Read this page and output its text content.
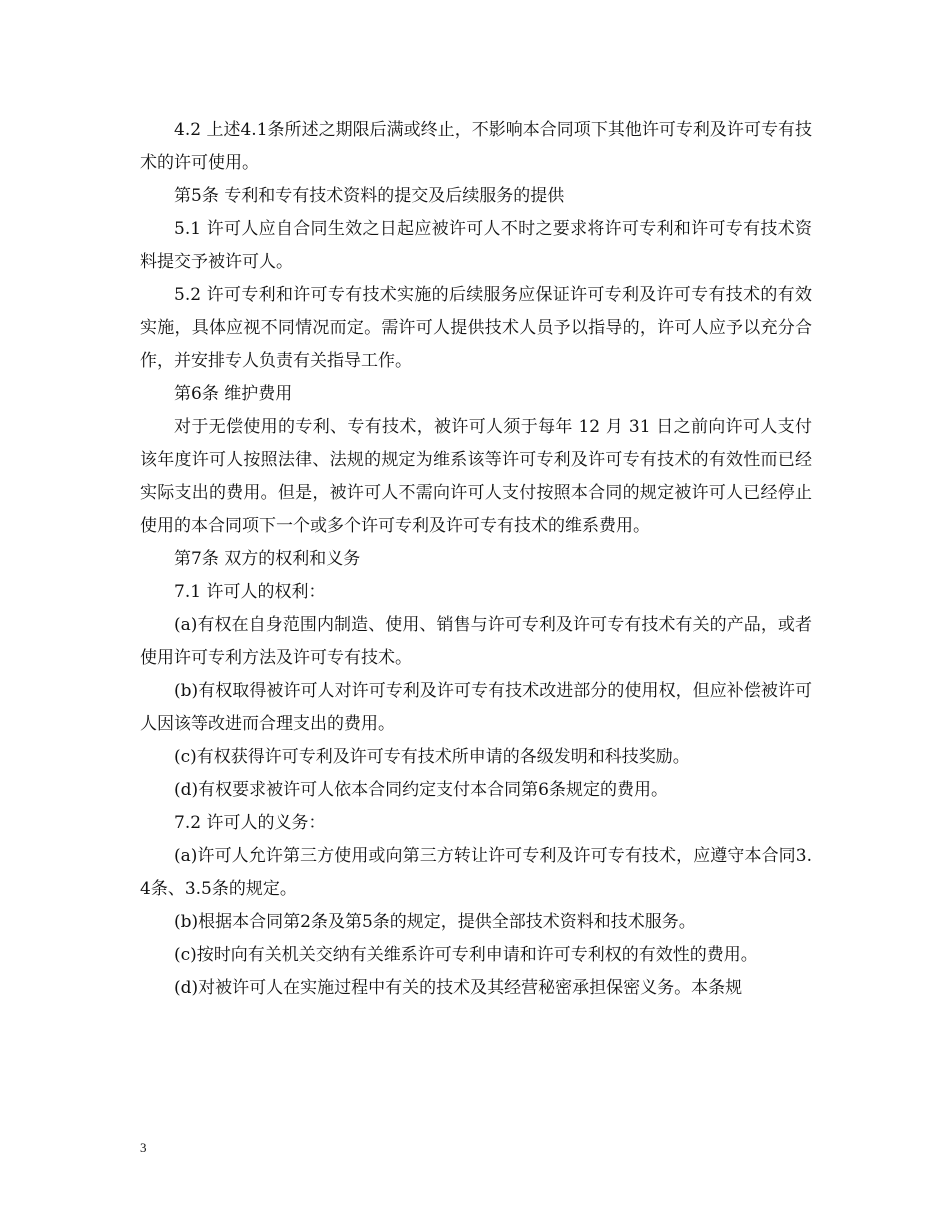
4.2 上述4.1条所述之期限后满或终止，不影响本合同项下其他许可专利及许可专有技术的许可使用。

第5条 专利和专有技术资料的提交及后续服务的提供

5.1 许可人应自合同生效之日起应被许可人不时之要求将许可专利和许可专有技术资料提交予被许可人。

5.2 许可专利和许可专有技术实施的后续服务应保证许可专利及许可专有技术的有效实施，具体应视不同情况而定。需许可人提供技术人员予以指导的，许可人应予以充分合作，并安排专人负责有关指导工作。

第6条 维护费用

对于无偿使用的专利、专有技术，被许可人须于每年 12 月 31 日之前向许可人支付该年度许可人按照法律、法规的规定为维系该等许可专利及许可专有技术的有效性而已经实际支出的费用。但是，被许可人不需向许可人支付按照本合同的规定被许可人已经停止使用的本合同项下一个或多个许可专利及许可专有技术的维系费用。

第7条 双方的权利和义务

7.1 许可人的权利：

(a)有权在自身范围内制造、使用、销售与许可专利及许可专有技术有关的产品，或者使用许可专利方法及许可专有技术。

(b)有权取得被许可人对许可专利及许可专有技术改进部分的使用权，但应补偿被许可人因该等改进而合理支出的费用。

(c)有权获得许可专利及许可专有技术所申请的各级发明和科技奖励。

(d)有权要求被许可人依本合同约定支付本合同第6条规定的费用。

7.2 许可人的义务：

(a)许可人允许第三方使用或向第三方转让许可专利及许可专有技术，应遵守本合同3.4条、3.5条的规定。

(b)根据本合同第2条及第5条的规定，提供全部技术资料和技术服务。

(c)按时向有关机关交纳有关维系许可专利申请和许可专利权的有效性的费用。

(d)对被许可人在实施过程中有关的技术及其经营秘密承担保密义务。本条规

3
